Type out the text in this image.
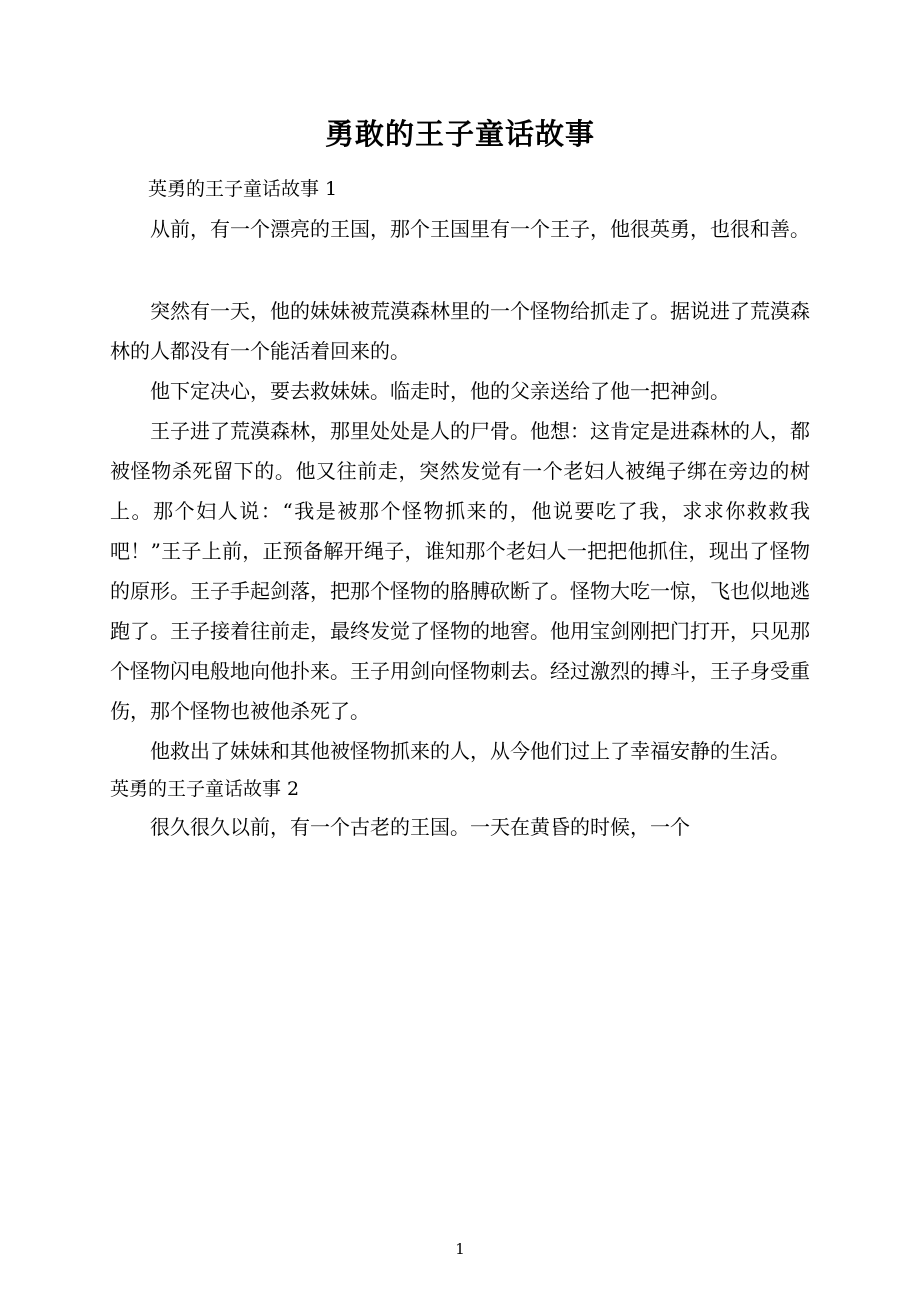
勇敢的王子童话故事
英勇的王子童话故事 1

从前，有一个漂亮的王国，那个王国里有一个王子，他很英勇，也很和善。

突然有一天，他的妹妹被荒漠森林里的一个怪物给抓走了。据说进了荒漠森林的人都没有一个能活着回来的。

他下定决心，要去救妹妹。临走时，他的父亲送给了他一把神剑。

王子进了荒漠森林，那里处处是人的尸骨。他想：这肯定是进森林的人，都被怪物杀死留下的。他又往前走，突然发觉有一个老妇人被绳子绑在旁边的树上。那个妇人说：“我是被那个怪物抓来的，他说要吃了我，求求你救救我吧！”王子上前，正预备解开绳子，谁知那个老妇人一把把他抓住，现出了怪物的原形。王子手起剑落，把那个怪物的胳膊砍断了。怪物大吃一惊，飞也似地逃跑了。王子接着往前走，最终发觉了怪物的地窖。他用宝剑刚把门打开，只见那个怪物闪电般地向他扑来。王子用剑向怪物刺去。经过激烈的搏斗，王子身受重伤，那个怪物也被他杀死了。

他救出了妹妹和其他被怪物抓来的人，从今他们过上了幸福安静的生活。

英勇的王子童话故事 2

很久很久以前，有一个古老的王国。一天在黄昏的时候，一个

1
